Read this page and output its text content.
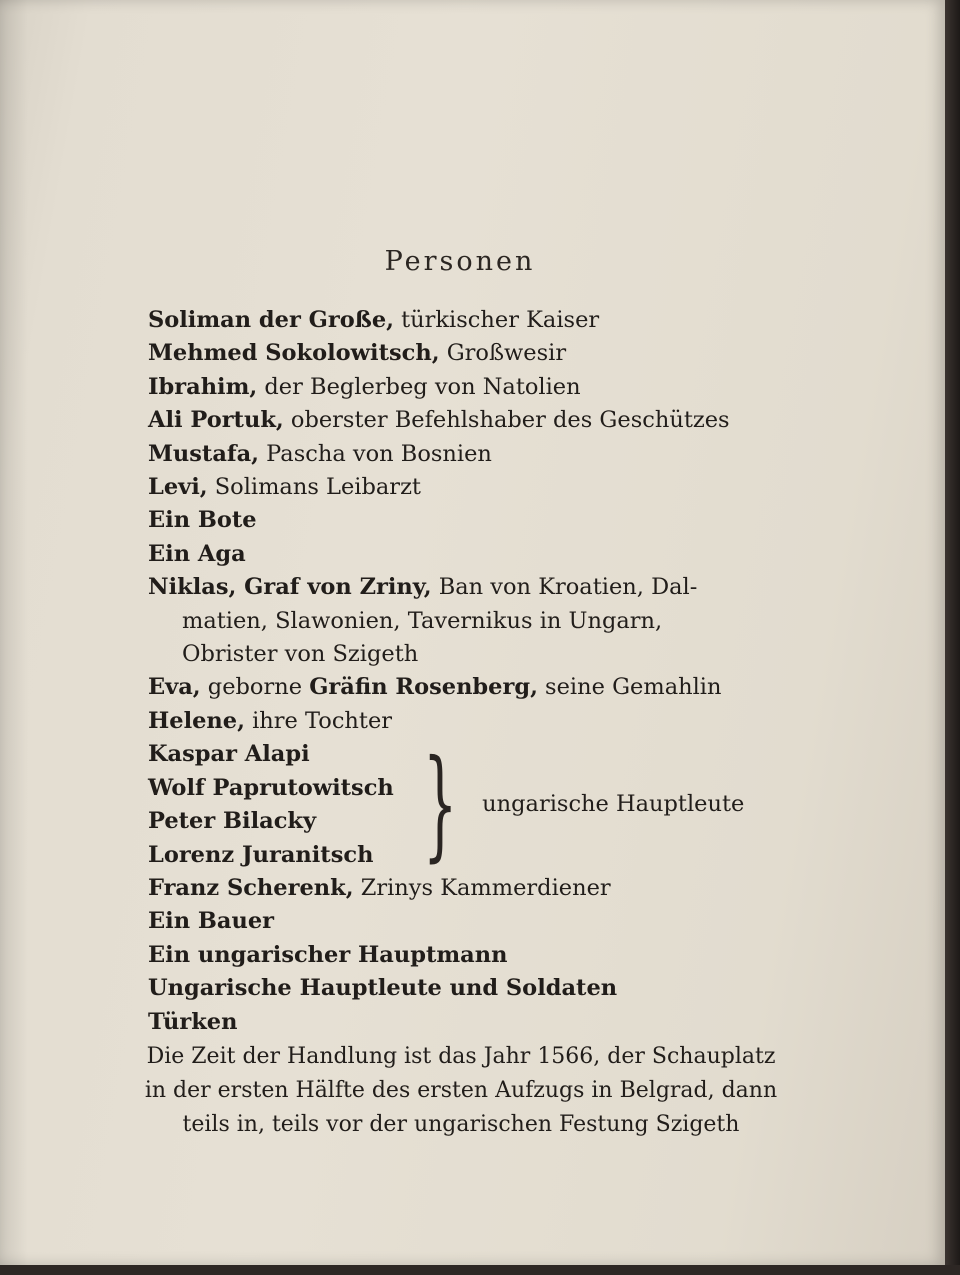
Personen
Soliman der Große, türkischer Kaiser
Mehmed Sokolowitsch, Großwesir
Ibrahim, der Beglerbeg von Natolien
Ali Portuk, oberster Befehlshaber des Geschützes
Mustafa, Pascha von Bosnien
Levi, Solimans Leibarzt
Ein Bote
Ein Aga
Niklas, Graf von Zriny, Ban von Kroatien, Dal-
matien, Slawonien, Tavernikus in Ungarn,
Obrister von Szigeth
Eva, geborne Gräfin Rosenberg, seine Gemahlin
Helene, ihre Tochter
Kaspar Alapi
Wolf Paprutowitsch
Peter Bilacky
Lorenz Juranitsch } ungarische Hauptleute
Franz Scherenk, Zrinys Kammerdiener
Ein Bauer
Ein ungarischer Hauptmann
Ungarische Hauptleute und Soldaten
Türken
Die Zeit der Handlung ist das Jahr 1566, der Schauplatz
in der ersten Hälfte des ersten Aufzugs in Belgrad, dann
teils in, teils vor der ungarischen Festung Szigeth
